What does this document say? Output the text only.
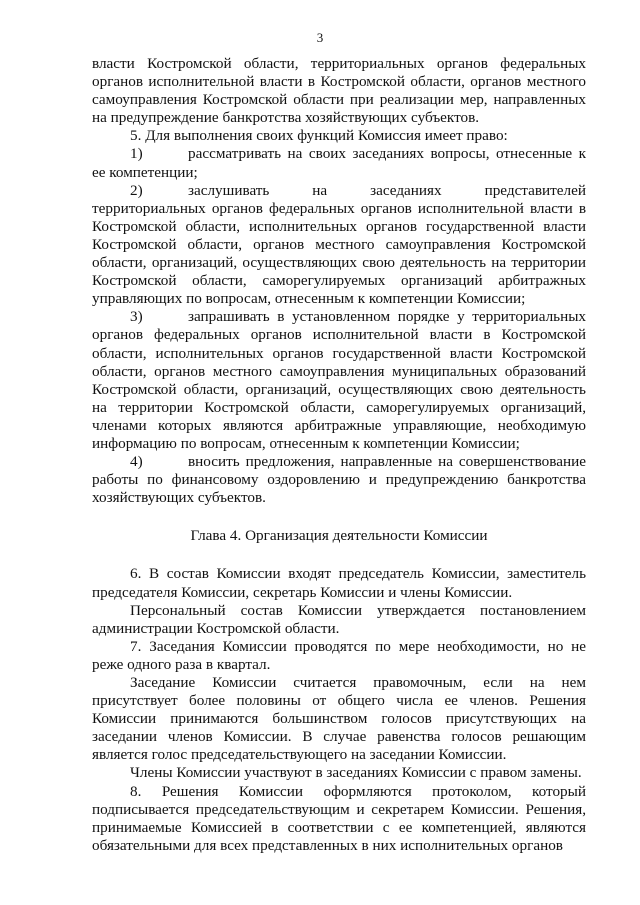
3

власти Костромской области, территориальных органов федеральных органов исполнительной власти в Костромской области, органов местного самоуправления Костромской области при реализации мер, направленных на предупреждение банкротства хозяйствующих субъектов.

5. Для выполнения своих функций Комиссия имеет право:

1)	рассматривать на своих заседаниях вопросы, отнесенные к ее компетенции;

2)	заслушивать на заседаниях представителей территориальных органов федеральных органов исполнительной власти в Костромской области, исполнительных органов государственной власти Костромской области, органов местного самоуправления Костромской области, организаций, осуществляющих свою деятельность на территории Костромской области, саморегулируемых организаций арбитражных управляющих по вопросам, отнесенным к компетенции Комиссии;

3)	запрашивать в установленном порядке у территориальных органов федеральных органов исполнительной власти в Костромской области, исполнительных органов государственной власти Костромской области, органов местного самоуправления муниципальных образований Костромской области, организаций, осуществляющих свою деятельность на территории Костромской области, саморегулируемых организаций, членами которых являются арбитражные управляющие, необходимую информацию по вопросам, отнесенным к компетенции Комиссии;

4)	вносить предложения, направленные на совершенствование работы по финансовому оздоровлению и предупреждению банкротства хозяйствующих субъектов.

Глава 4. Организация деятельности Комиссии

6. В состав Комиссии входят председатель Комиссии, заместитель председателя Комиссии, секретарь Комиссии и члены Комиссии.

Персональный состав Комиссии утверждается постановлением администрации Костромской области.

7. Заседания Комиссии проводятся по мере необходимости, но не реже одного раза в квартал.

Заседание Комиссии считается правомочным, если на нем присутствует более половины от общего числа ее членов. Решения Комиссии принимаются большинством голосов присутствующих на заседании членов Комиссии. В случае равенства голосов решающим является голос председательствующего на заседании Комиссии.

Члены Комиссии участвуют в заседаниях Комиссии с правом замены.

8. Решения Комиссии оформляются протоколом, который подписывается председательствующим и секретарем Комиссии. Решения, принимаемые Комиссией в соответствии с ее компетенцией, являются обязательными для всех представленных в них исполнительных органов
